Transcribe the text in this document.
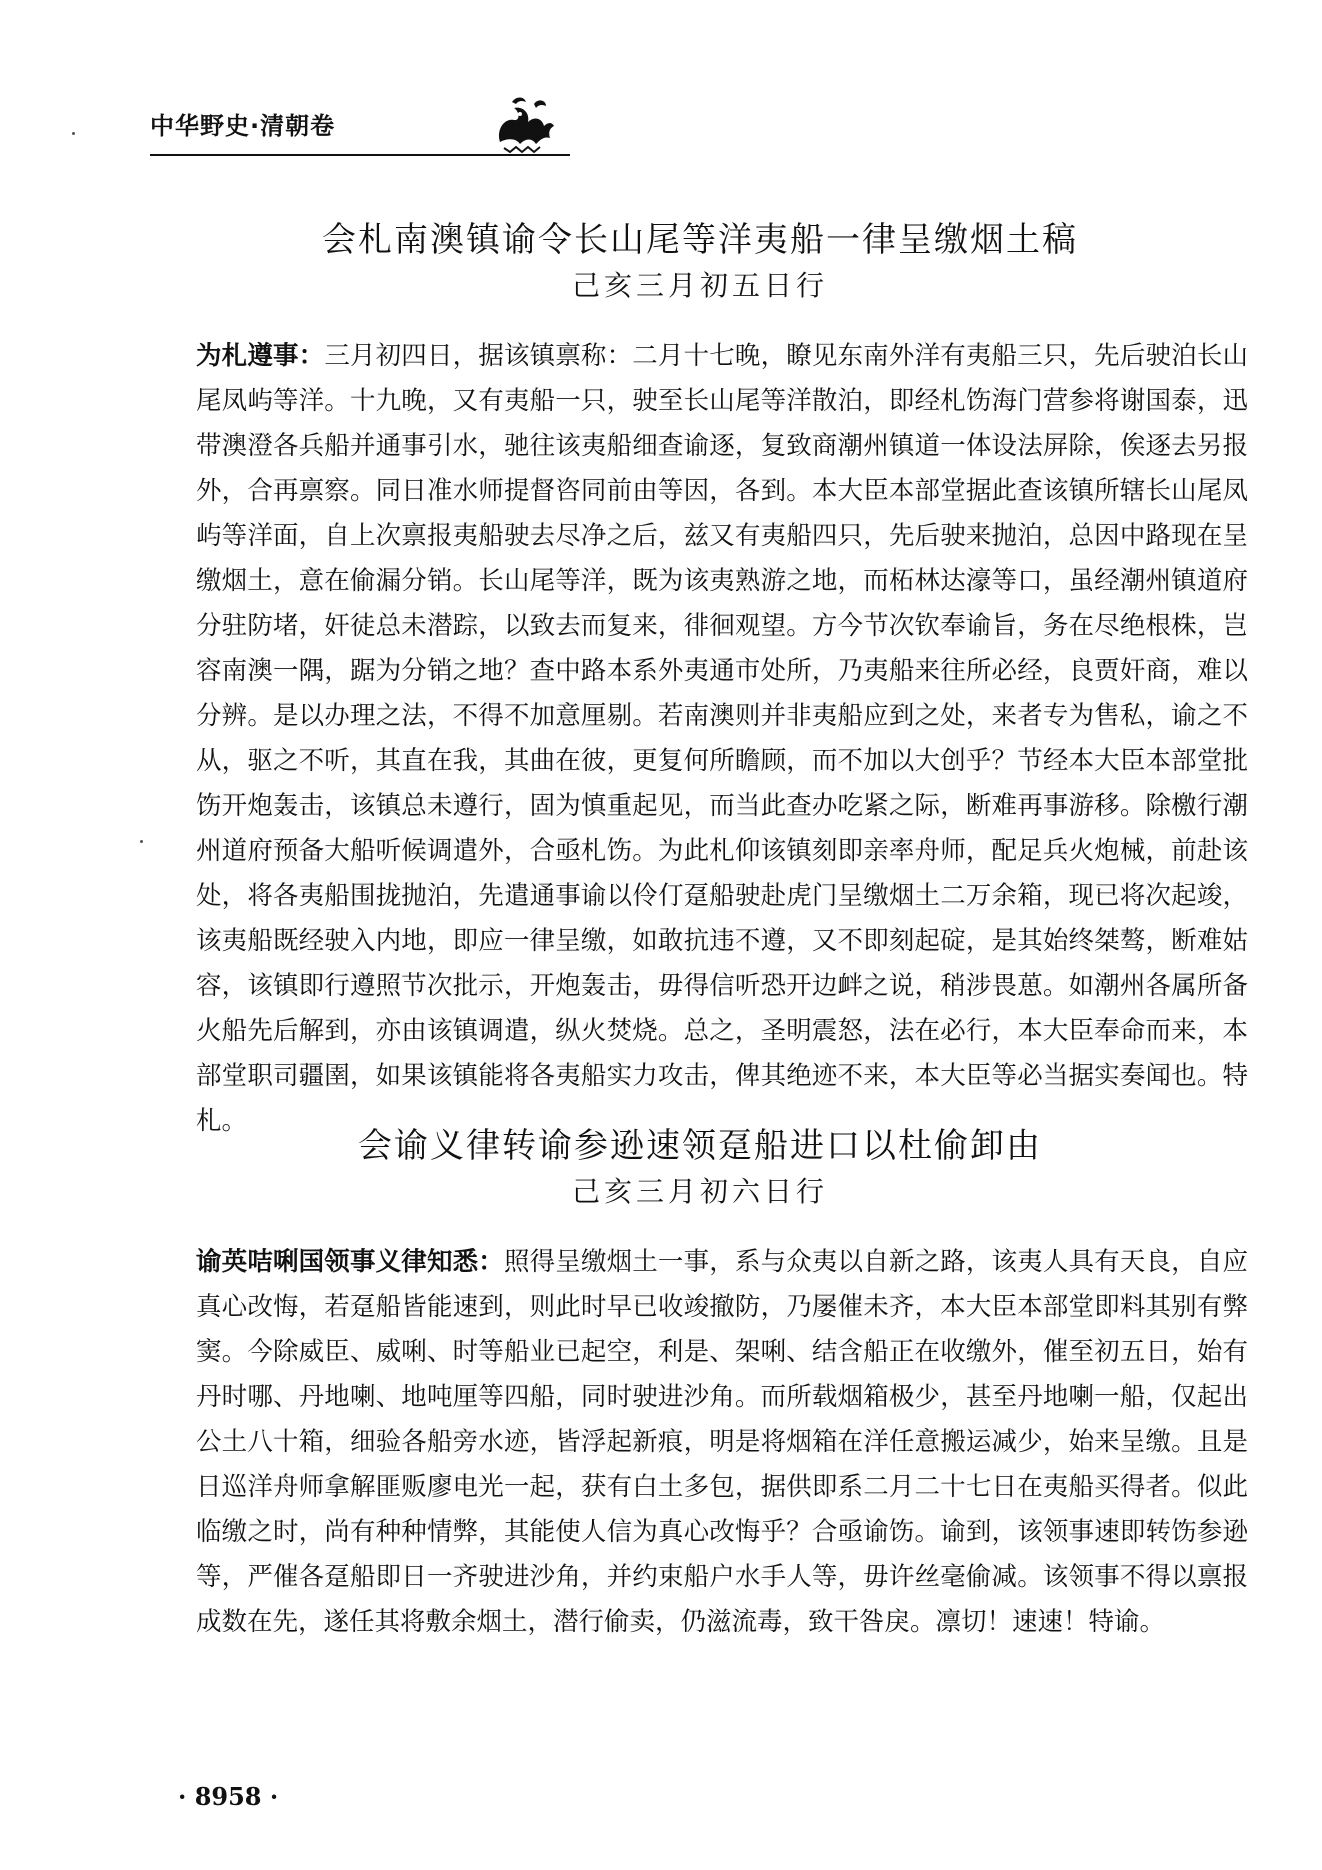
中华野史·清朝卷
会札南澳镇谕令长山尾等洋夷船一律呈缴烟土稿
己亥三月初五日行
为札遵事：三月初四日，据该镇禀称：二月十七晚，瞭见东南外洋有夷船三只，先后驶泊长山尾凤屿等洋。十九晚，又有夷船一只，驶至长山尾等洋散泊，即经札饬海门营参将谢国泰，迅带澳澄各兵船并通事引水，驰往该夷船细查谕逐，复致商潮州镇道一体设法屏除，俟逐去另报外，合再禀察。同日准水师提督咨同前由等因，各到。本大臣本部堂据此查该镇所辖长山尾凤屿等洋面，自上次禀报夷船驶去尽净之后，兹又有夷船四只，先后驶来抛泊，总因中路现在呈缴烟土，意在偷漏分销。长山尾等洋，既为该夷熟游之地，而柘林达濠等口，虽经潮州镇道府分驻防堵，奸徒总未潜踪，以致去而复来，徘徊观望。方今节次钦奉谕旨，务在尽绝根株，岂容南澳一隅，踞为分销之地？查中路本系外夷通市处所，乃夷船来往所必经，良贾奸商，难以分辨。是以办理之法，不得不加意厘剔。若南澳则并非夷船应到之处，来者专为售私，谕之不从，驱之不听，其直在我，其曲在彼，更复何所瞻顾，而不加以大创乎？节经本大臣本部堂批饬开炮轰击，该镇总未遵行，固为慎重起见，而当此查办吃紧之际，断难再事游移。除檄行潮州道府预备大船听候调遣外，合亟札饬。为此札仰该镇刻即亲率舟师，配足兵火炮械，前赴该处，将各夷船围拢抛泊，先遣通事谕以伶仃趸船驶赴虎门呈缴烟土二万余箱，现已将次起竣，该夷船既经驶入内地，即应一律呈缴，如敢抗违不遵，又不即刻起碇，是其始终桀骜，断难姑容，该镇即行遵照节次批示，开炮轰击，毋得信听恐开边衅之说，稍涉畏葸。如潮州各属所备火船先后解到，亦由该镇调遣，纵火焚烧。总之，圣明震怒，法在必行，本大臣奉命而来，本部堂职司疆圉，如果该镇能将各夷船实力攻击，俾其绝迹不来，本大臣等必当据实奏闻也。特札。
会谕义律转谕参逊速领趸船进口以杜偷卸由
己亥三月初六日行
谕英咭唎国领事义律知悉：照得呈缴烟土一事，系与众夷以自新之路，该夷人具有天良，自应真心改悔，若趸船皆能速到，则此时早已收竣撤防，乃屡催未齐，本大臣本部堂即料其别有弊窦。今除威臣、威唎、时等船业已起空，利是、架唎、结含船正在收缴外，催至初五日，始有丹时哪、丹地喇、地吨厘等四船，同时驶进沙角。而所载烟箱极少，甚至丹地喇一船，仅起出公土八十箱，细验各船旁水迹，皆浮起新痕，明是将烟箱在洋任意搬运减少，始来呈缴。且是日巡洋舟师拿解匪贩廖电光一起，获有白土多包，据供即系二月二十七日在夷船买得者。似此临缴之时，尚有种种情弊，其能使人信为真心改悔乎？合亟谕饬。谕到，该领事速即转饬参逊等，严催各趸船即日一齐驶进沙角，并约束船户水手人等，毋许丝毫偷减。该领事不得以禀报成数在先，遂任其将敷余烟土，潜行偷卖，仍滋流毒，致干咎戾。凛切！速速！特谕。
· 8958 ·
